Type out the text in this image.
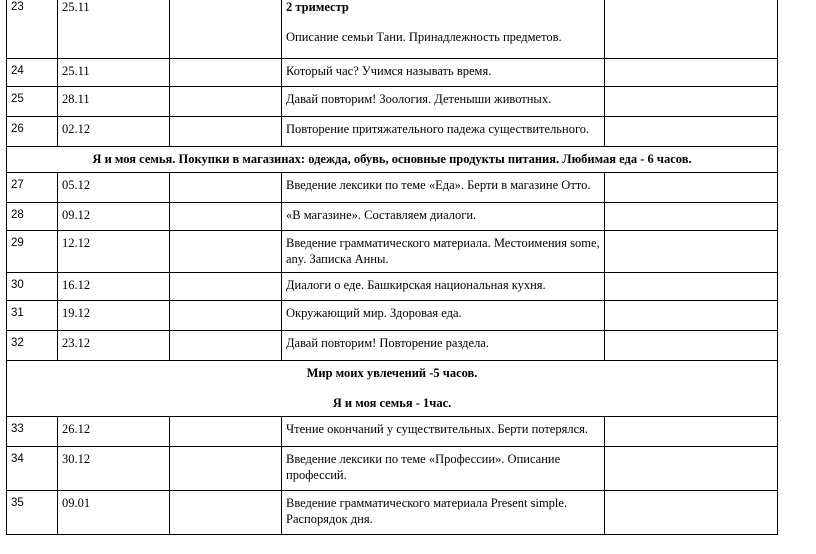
23	25.11		2 триместр
Описание семьи Тани. Принадлежность предметов.	

24	25.11		Который час? Учимся называть время.	
25	28.11		Давай повторим! Зоология. Детеныши животных.	
26	02.12		Повторение притяжательного падежа существительного.	
Я и моя семья. Покупки в магазинах: одежда, обувь, основные продукты питания. Любимая еда - 6 часов.				
27	05.12		Введение лексики по теме «Еда». Берти в магазине Отто.	
28	09.12		«В магазине». Составляем диалоги.	
29	12.12		Введение грамматического материала. Местоимения some, any. Записка Анны.	
30	16.12		Диалоги о еде. Башкирская национальная кухня.	
31	19.12		Окружающий мир. Здоровая еда.	
32	23.12		Давай повторим! Повторение раздела.	

Мир моих увлечений -5 часов.
Я и моя семья - 1час.				

33	26.12		Чтение окончаний у существительных. Берти потерялся.	
34	30.12		Введение лексики по теме «Профессии». Описание профессий.	
35	09.01		Введение грамматического материала Present simple. Распорядок дня.	
